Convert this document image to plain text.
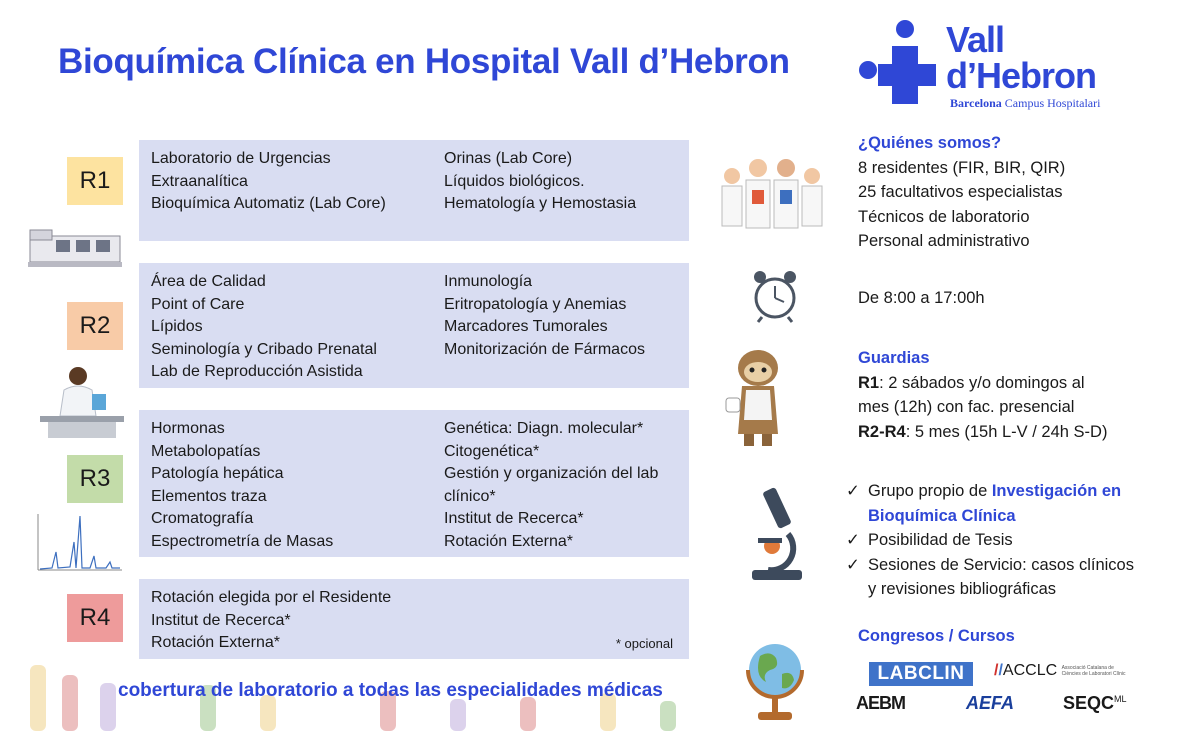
Bioquímica Clínica en Hospital Vall d’Hebron
Vall
d’Hebron
Barcelona Campus Hospitalari
Laboratorio de Urgencias
Extraanalítica
Bioquímica Automatiz (Lab Core)
Orinas (Lab Core)
Líquidos biológicos.
Hematología y Hemostasia
Área de Calidad
Point of Care
Lípidos
Seminología y Cribado Prenatal
Lab de Reproducción Asistida
Inmunología
Eritropatología y Anemias
Marcadores Tumorales
Monitorización de Fármacos
Hormonas
Metabolopatías
Patología hepática
Elementos traza
Cromatografía
Espectrometría de Masas
Genética: Diagn. molecular*
Citogenética*
Gestión y organización del lab
clínico*
Institut de Recerca*
Rotación Externa*
Rotación elegida por el Residente
Institut de Recerca*
Rotación Externa*	* opcional
R1
R2
R3
R4
cobertura de laboratorio a todas las especialidades médicas
¿Quiénes somos?
8 residentes (FIR, BIR, QIR)
25 facultativos especialistas
Técnicos de laboratorio
Personal administrativo
De 8:00 a 17:00h
Guardias
R1: 2 sábados y/o domingos al
mes (12h) con fac. presencial
R2-R4: 5 mes (15h L-V / 24h S-D)
✓ Grupo propio de Investigación en
Bioquímica Clínica
✓ Posibilidad de Tesis
✓ Sesiones de Servicio: casos clínicos
y revisiones bibliográficas
Congresos / Cursos
LABCLIN	//ACCLC Associació Catalana de Ciències de Laboratori Clínic
AEBM	AEFA	$SEQC^{ML}$
